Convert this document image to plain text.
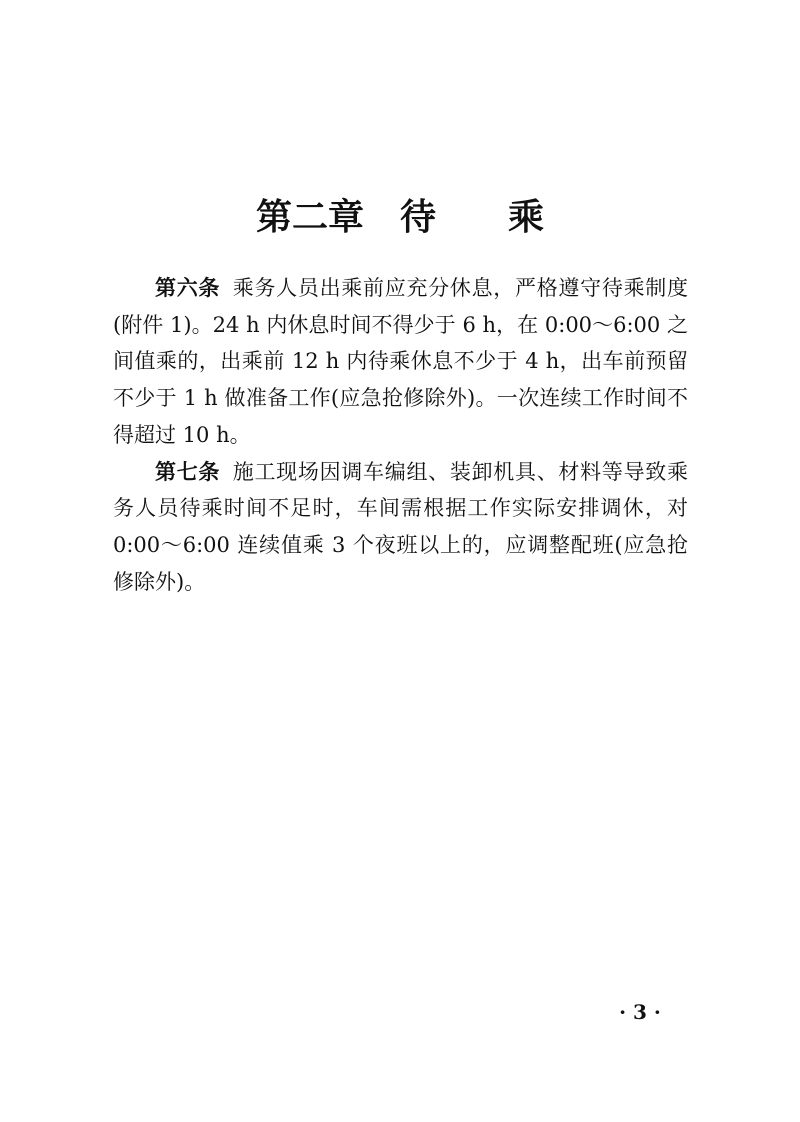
第二章　待　　乘

第六条 乘务人员出乘前应充分休息，严格遵守待乘制度(附件 1)。24 h 内休息时间不得少于 6 h，在 0:00～6:00 之间值乘的，出乘前 12 h 内待乘休息不少于 4 h，出车前预留不少于 1 h 做准备工作(应急抢修除外)。一次连续工作时间不得超过 10 h。

第七条 施工现场因调车编组、装卸机具、材料等导致乘务人员待乘时间不足时，车间需根据工作实际安排调休，对 0:00～6:00 连续值乘 3 个夜班以上的，应调整配班(应急抢修除外)。

· 3 ·
